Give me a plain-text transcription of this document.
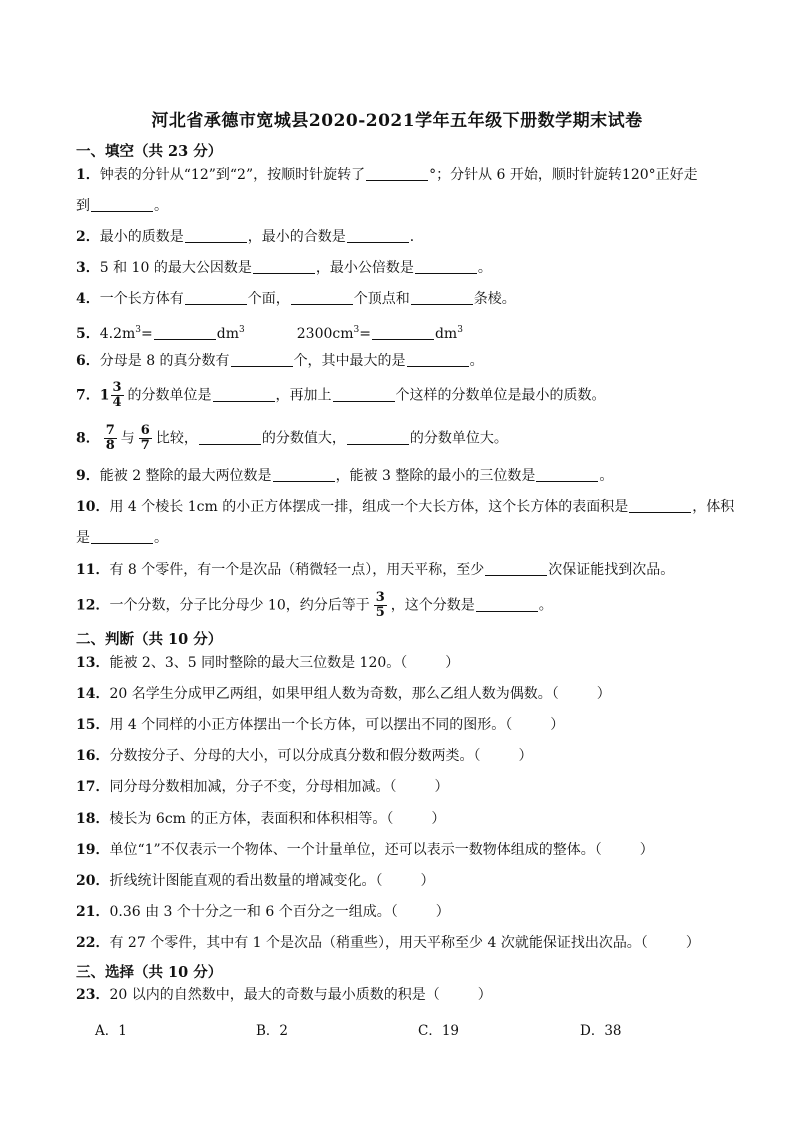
河北省承德市宽城县2020-2021学年五年级下册数学期末试卷
一、填空（共 23 分）
1．钟表的分针从“12”到“2”，按顺时针旋转了	°；分针从 6 开始，顺时针旋转120°正好走
到	。
2．最小的质数是	，最小的合数是	．
3．5 和 10 的最大公因数是	，最小公倍数是	。
4．一个长方体有	个面，	个顶点和	条棱。
5．$4.2m^3=$	$dm^3$	$2300cm^3=$	$dm^3$
6．分母是 8 的真分数有	个，其中最大的是	。
7．$1 \frac{3}{4}$ 的分数单位是	，再加上	个这样的分数单位是最小的质数。
8． $\frac{7}{8}$ 与 $\frac{6}{7}$ 比较，	的分数值大，	的分数单位大。
9．能被 2 整除的最大两位数是	，能被 3 整除的最小的三位数是	。
10．用 4 个棱长 1cm 的小正方体摆成一排，组成一个大长方体，这个长方体的表面积是	，体积
是	。
11．有 8 个零件，有一个是次品（稍微轻一点），用天平称，至少	次保证能找到次品。
12．一个分数，分子比分母少 10，约分后等于 $\frac{3}{5}$ ，这个分数是	。
二、判断（共 10 分）
13．能被 2、3、5 同时整除的最大三位数是 120。（	）
14．20 名学生分成甲乙两组，如果甲组人数为奇数，那么乙组人数为偶数。（	）
15．用 4 个同样的小正方体摆出一个长方体，可以摆出不同的图形。（	）
16．分数按分子、分母的大小，可以分成真分数和假分数两类。（	）
17．同分母分数相加减，分子不变，分母相加减。（	）
18．棱长为 6cm 的正方体，表面积和体积相等。（	）
19．单位“1”不仅表示一个物体、一个计量单位，还可以表示一数物体组成的整体。（	）
20．折线统计图能直观的看出数量的增减变化。（	）
21．0.36 由 3 个十分之一和 6 个百分之一组成。（	）
22．有 27 个零件，其中有 1 个是次品（稍重些），用天平称至少 4 次就能保证找出次品。（	）
三、选择（共 10 分）
23．20 以内的自然数中，最大的奇数与最小质数的积是（	）
A．1	B．2	C．19	D．38
